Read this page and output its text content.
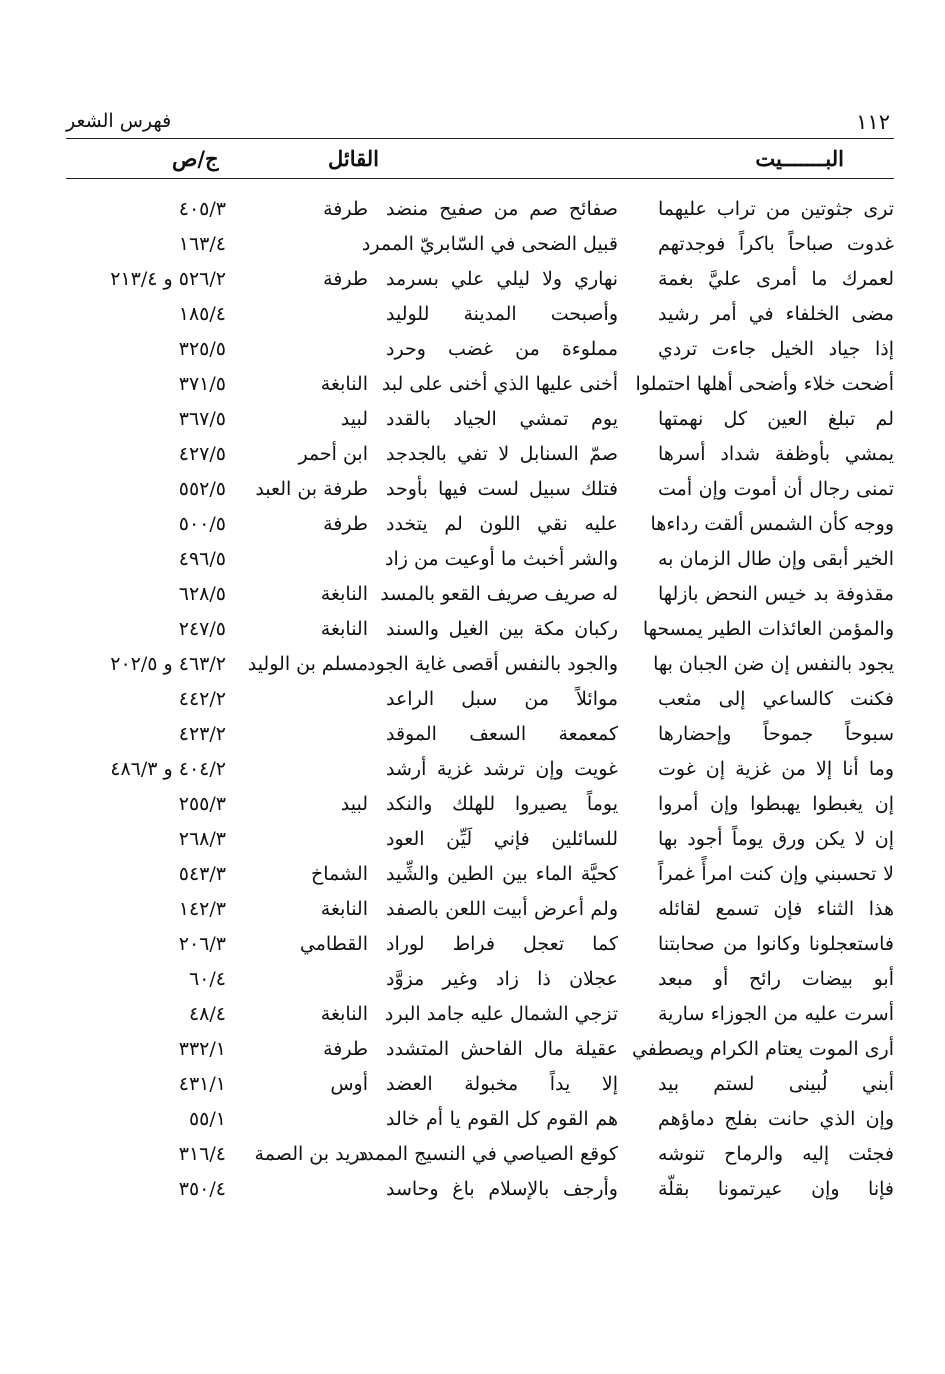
١١٢
فهرس الشعر
البـــــــيت
القائل
ج/ص
ترى جثوتين من تراب عليهما
صفائح صم من صفيح منضد
طرفة
٤٠٥/٣
غدوت صباحاً باكراً فوجدتهم
قبيل الضحى في السّابريّ الممرد
١٦٣/٤
لعمرك ما أمرى عليَّ بغمة
نهاري ولا ليلي علي بسرمد
طرفة
٥٢٦/٢ و ٢١٣/٤
مضى الخلفاء في أمر رشيد
وأصبحت المدينة للوليد
١٨٥/٤
إذا جياد الخيل جاءت تردي
مملوءة من غضب وحرد
٣٢٥/٥
أضحت خلاء وأضحى أهلها احتملوا
أخنى عليها الذي أخنى على لبد
النابغة
٣٧١/٥
لم تبلغ العين كل نهمتها
يوم تمشي الجياد بالقدد
لبيد
٣٦٧/٥
يمشي بأوظفة شداد أسرها
صمّ السنابل لا تفي بالجدجد
ابن أحمر
٤٢٧/٥
تمنى رجال أن أموت وإن أمت
فتلك سبيل لست فيها بأوحد
طرفة بن العبد
٥٥٢/٥
ووجه كأن الشمس ألقت رداءها
عليه نقي اللون لم يتخدد
طرفة
٥٠٠/٥
الخير أبقى وإن طال الزمان به
والشر أخبث ما أوعيت من زاد
٤٩٦/٥
مقذوفة بد خيس النحض بازلها
له صريف صريف القعو بالمسد
النابغة
٦٢٨/٥
والمؤمن العائذات الطير يمسحها
ركبان مكة بين الغيل والسند
النابغة
٢٤٧/٥
يجود بالنفس إن ضن الجبان بها
والجود بالنفس أقصى غاية الجود
مسلم بن الوليد
٤٦٣/٢ و ٢٠٢/٥
فكنت كالساعي إلى مثعب
موائلاً من سبل الراعد
٤٤٢/٢
سبوحاً جموحاً وإحضارها
كمعمعة السعف الموقد
٤٢٣/٢
وما أنا إلا من غزية إن غوت
غويت وإن ترشد غزية أرشد
٤٠٤/٢ و ٤٨٦/٣
إن يغبطوا يهبطوا وإن أمروا
يوماً يصيروا للهلك والنكد
لبيد
٢٥٥/٣
إن لا يكن ورق يوماً أجود بها
للسائلين فإني لَيِّن العود
٢٦٨/٣
لا تحسبني وإن كنت امرأً غمراً
كحيَّة الماء بين الطين والشِّيد
الشماخ
٥٤٣/٣
هذا الثناء فإن تسمع لقائله
ولم أعرض أبيت اللعن بالصفد
النابغة
١٤٢/٣
فاستعجلونا وكانوا من صحابتنا
كما تعجل فراط لوراد
القطامي
٢٠٦/٣
أبو بيضات رائح أو مبعد
عجلان ذا زاد وغير مزوَّد
٦٠/٤
أسرت عليه من الجوزاء سارية
تزجي الشمال عليه جامد البرد
النابغة
٤٨/٤
أرى الموت يعتام الكرام ويصطفي
عقيلة مال الفاحش المتشدد
طرفة
٣٣٢/١
أبني لُبينى لستم بيد
إلا يداً مخبولة العضد
أوس
٤٣١/١
وإن الذي حانت بفلج دماؤهم
هم القوم كل القوم يا أم خالد
٥٥/١
فجئت إليه والرماح تنوشه
كوقع الصياصي في النسيج الممدد
دريد بن الصمة
٣١٦/٤
فإنا وإن عيرتمونا بقلّة
وأرجف بالإسلام باغ وحاسد
٣٥٠/٤
